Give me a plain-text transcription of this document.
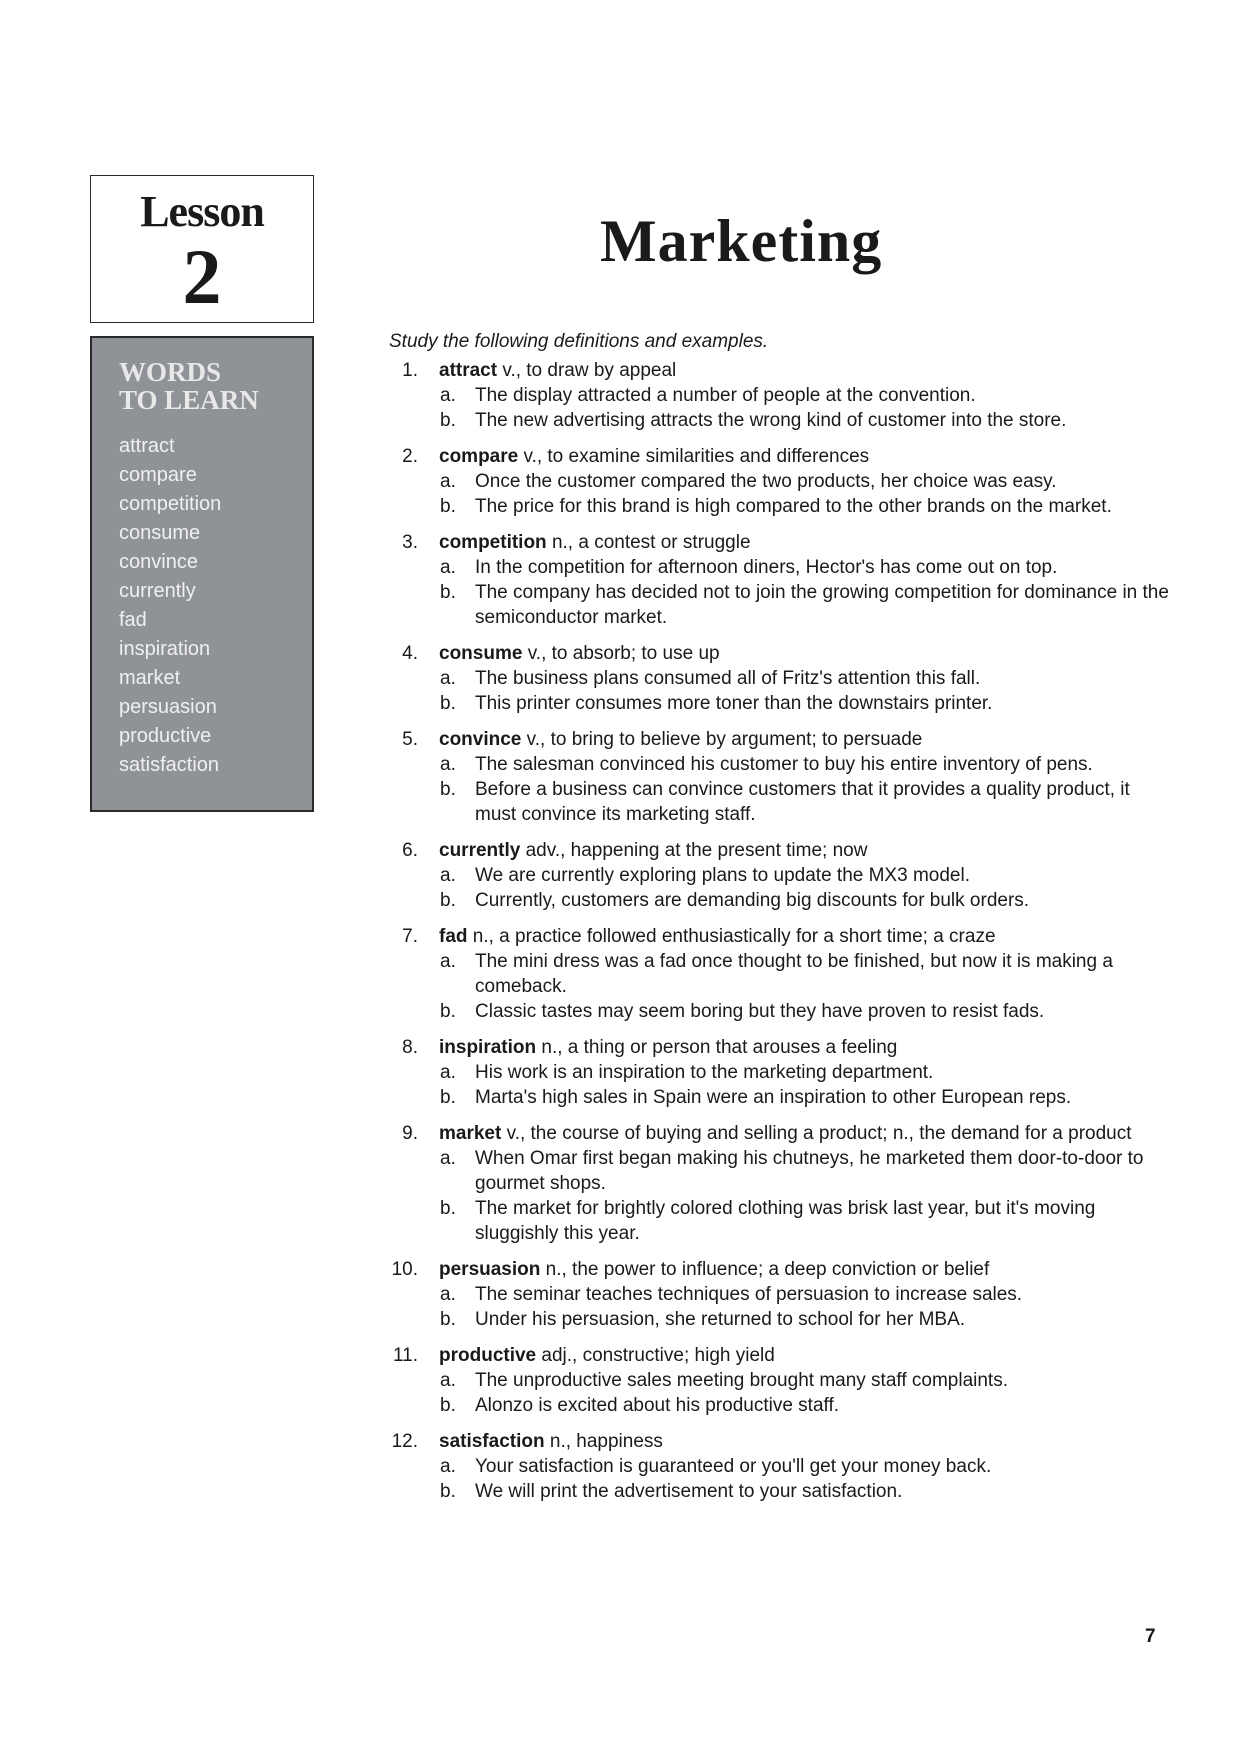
Lesson
2
WORDS
TO LEARN
attract
compare
competition
consume
convince
currently
fad
inspiration
market
persuasion
productive
satisfaction
Marketing
Study the following definitions and examples.
1. attract v., to draw by appeal
a. The display attracted a number of people at the convention.
b. The new advertising attracts the wrong kind of customer into the store.
2. compare v., to examine similarities and differences
a. Once the customer compared the two products, her choice was easy.
b. The price for this brand is high compared to the other brands on the market.
3. competition n., a contest or struggle
a. In the competition for afternoon diners, Hector's has come out on top.
b. The company has decided not to join the growing competition for dominance in the semiconductor market.
4. consume v., to absorb; to use up
a. The business plans consumed all of Fritz's attention this fall.
b. This printer consumes more toner than the downstairs printer.
5. convince v., to bring to believe by argument; to persuade
a. The salesman convinced his customer to buy his entire inventory of pens.
b. Before a business can convince customers that it provides a quality product, it must convince its marketing staff.
6. currently adv., happening at the present time; now
a. We are currently exploring plans to update the MX3 model.
b. Currently, customers are demanding big discounts for bulk orders.
7. fad n., a practice followed enthusiastically for a short time; a craze
a. The mini dress was a fad once thought to be finished, but now it is making a comeback.
b. Classic tastes may seem boring but they have proven to resist fads.
8. inspiration n., a thing or person that arouses a feeling
a. His work is an inspiration to the marketing department.
b. Marta's high sales in Spain were an inspiration to other European reps.
9. market v., the course of buying and selling a product; n., the demand for a product
a. When Omar first began making his chutneys, he marketed them door-to-door to gourmet shops.
b. The market for brightly colored clothing was brisk last year, but it's moving sluggishly this year.
10. persuasion n., the power to influence; a deep conviction or belief
a. The seminar teaches techniques of persuasion to increase sales.
b. Under his persuasion, she returned to school for her MBA.
11. productive adj., constructive; high yield
a. The unproductive sales meeting brought many staff complaints.
b. Alonzo is excited about his productive staff.
12. satisfaction n., happiness
a. Your satisfaction is guaranteed or you'll get your money back.
b. We will print the advertisement to your satisfaction.
7
